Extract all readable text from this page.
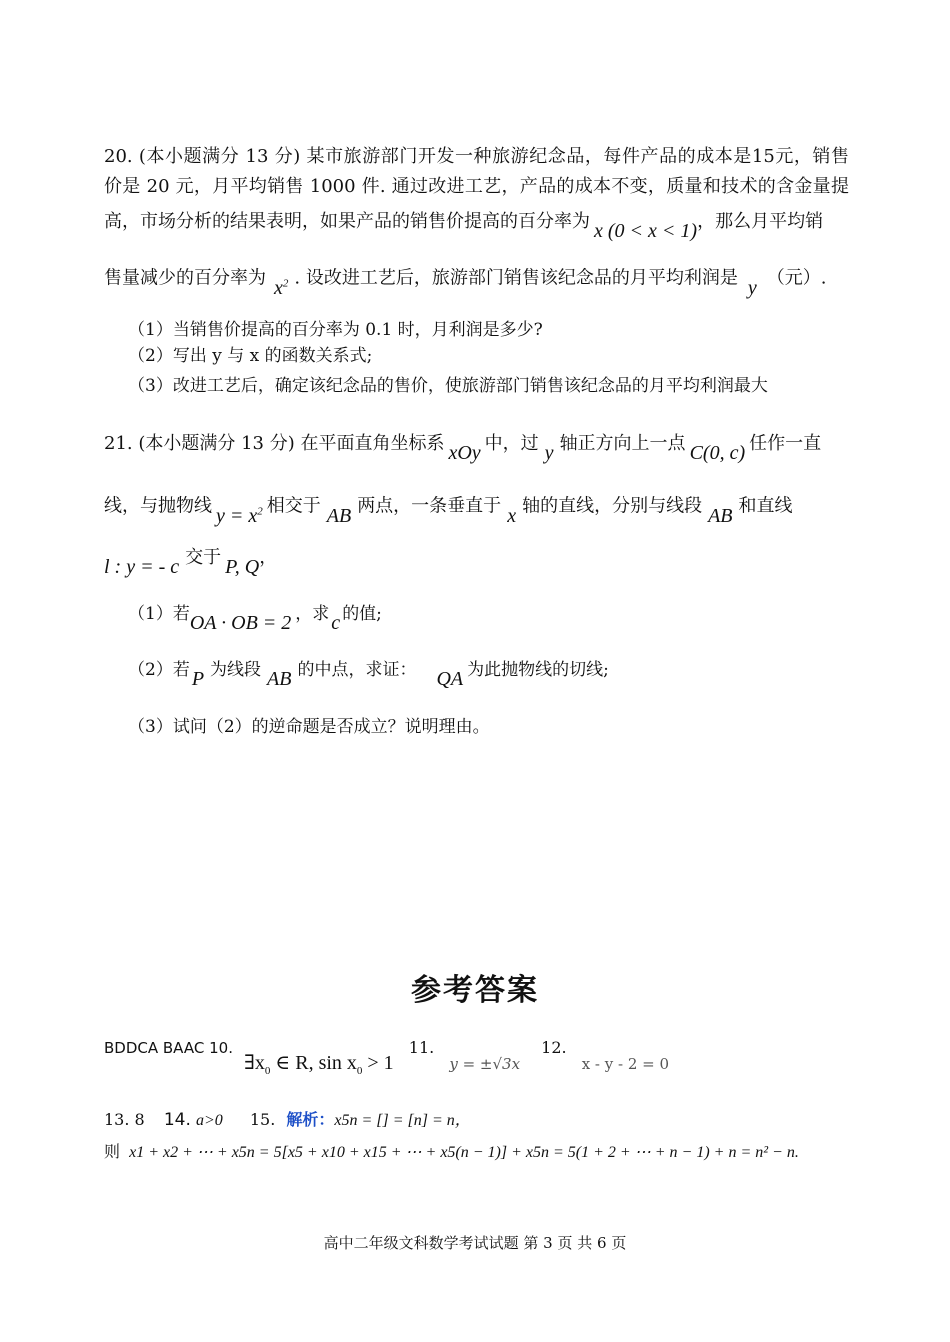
20. (本小题满分 13 分) 某市旅游部门开发一种旅游纪念品，每件产品的成本是15元，销售
价是 20 元，月平均销售 1000 件. 通过改进工艺，产品的成本不变，质量和技术的含金量提
高，市场分析的结果表明，如果产品的销售价提高的百分率为 x (0 < x < 1)，那么月平均销
售量减少的百分率为 $x^2$ . 设改进工艺后，旅游部门销售该纪念品的月平均利润是 y （元）.
（1）当销售价提高的百分率为 0.1 时，月利润是多少?
（2）写出 y 与 x 的函数关系式;
（3）改进工艺后，确定该纪念品的售价，使旅游部门销售该纪念品的月平均利润最大
21. (本小题满分 13 分) 在平面直角坐标系 xOy 中，过 y 轴正方向上一点 C(0, c) 任作一直
线，与抛物线 $y = x^2$ 相交于 AB 两点，一条垂直于 x 轴的直线，分别与线段 AB 和直线
l : y = - c 交于 P, Q，
（1）若OA · OB = 2 ，求 c 的值;
（2）若 P 为线段 AB 的中点，求证： QA 为此抛物线的切线;
（3）试问（2）的逆命题是否成立？说明理由。
参考答案
BDDCA BAAC 10. $\exists x_0$ ∈ R, $\sin x_0 > 1$ 11. y = ±√3x 12. x - y - 2 = 0
13. 8 14. a>0 15. 解析：x5n = [] = [n] = n，
则 x1 + x2 + ⋯ + x5n = 5[x5 + x10 + x15 + ⋯ + x5(n − 1)] + x5n = 5(1 + 2 + ⋯ + n − 1) + n = n² − n.
高中二年级文科数学考试试题 第 3 页 共 6 页
